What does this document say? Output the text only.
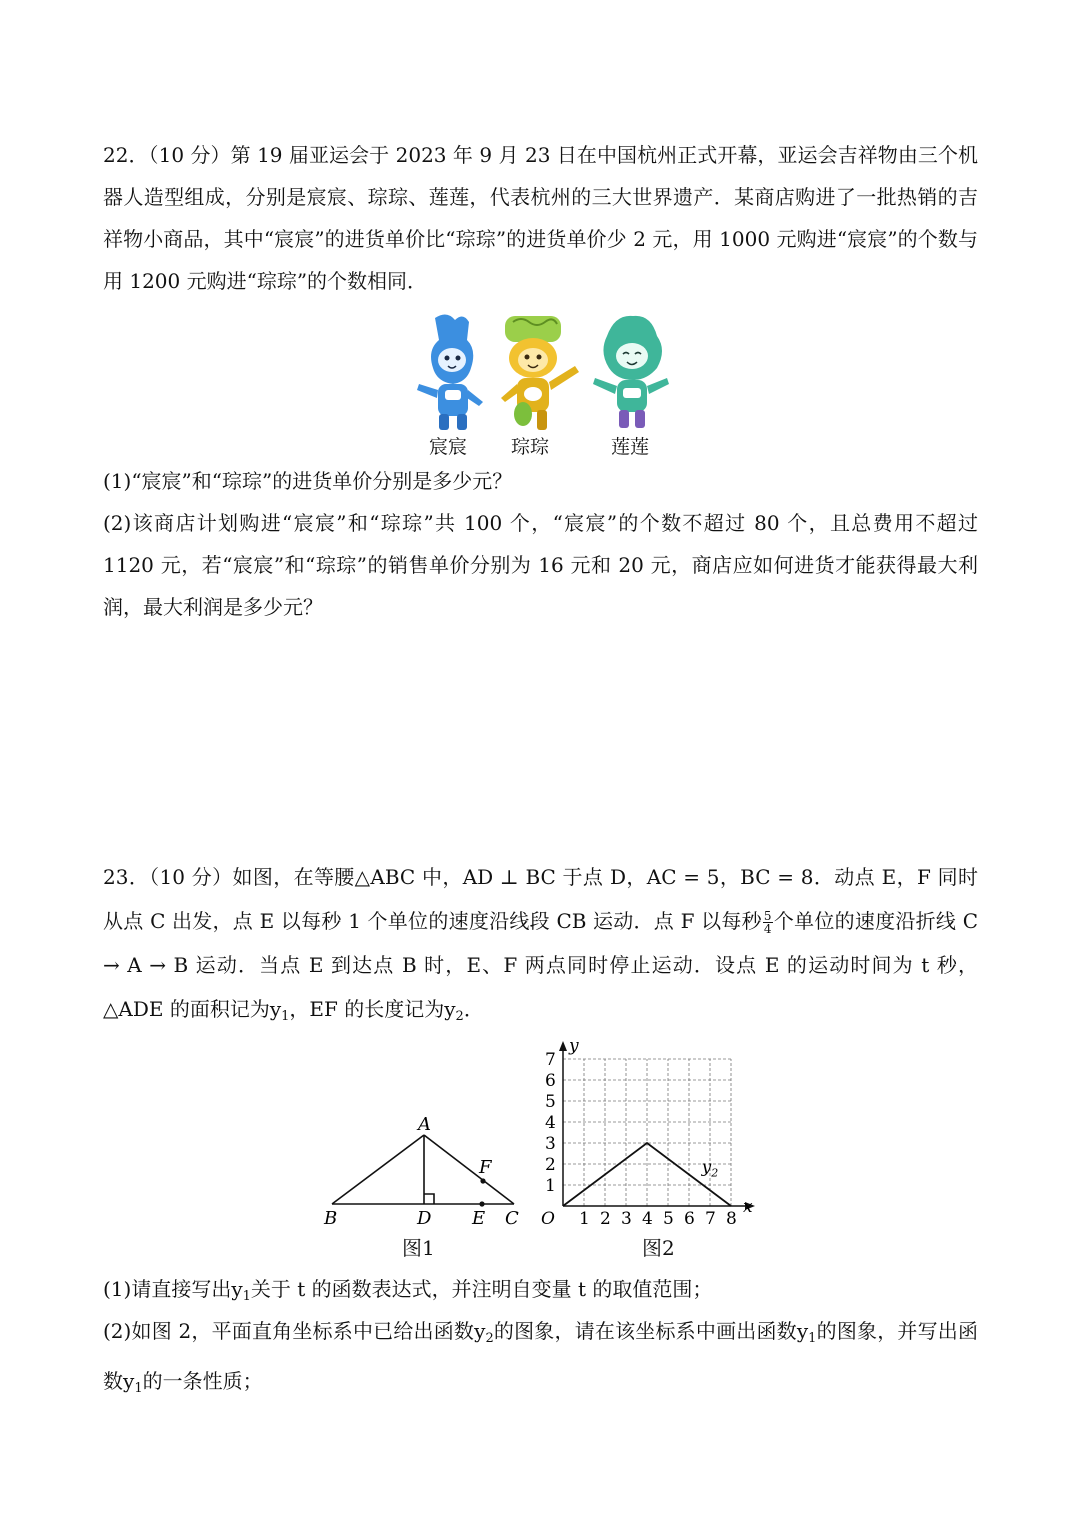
22．（10 分）第 19 届亚运会于 2023 年 9 月 23 日在中国杭州正式开幕，亚运会吉祥物由三个机器人造型组成，分别是宸宸、琮琮、莲莲，代表杭州的三大世界遗产．某商店购进了一批热销的吉祥物小商品，其中“宸宸”的进货单价比“琮琮”的进货单价少 2 元，用 1000 元购进“宸宸”的个数与用 1200 元购进“琮琮”的个数相同．

宸宸 琮琮	莲莲

(1)“宸宸”和“琮琮”的进货单价分别是多少元？

(2)该商店计划购进“宸宸”和“琮琮”共 100 个，“宸宸”的个数不超过 80 个，且总费用不超过 1120 元，若“宸宸”和“琮琮”的销售单价分别为 16 元和 20 元，商店应如何进货才能获得最大利润，最大利润是多少元？

23．（10 分）如图，在等腰△ABC 中，AD ⊥ BC 于点 D，AC = 5，BC = 8．动点 E，F 同时从点 C 出发，点 E 以每秒 1 个单位的速度沿线段 CB 运动．点 F 以每秒 $\frac{5}{4}$ 个单位的速度沿折线 C → A → B 运动．当点 E 到达点 B 时，E、F 两点同时停止运动．设点 E 的运动时间为 t 秒，△ADE 的面积记为$y_1$，EF 的长度记为$y_2$．

A
F
B	D E C
图1
x
y
O 1 2 3 4 5 6 7 8
1
2
3
4
5
6
7
$y_2$
图2

(1)请直接写出$y_1$关于 t 的函数表达式，并注明自变量 t 的取值范围；

(2)如图 2，平面直角坐标系中已给出函数$y_2$的图象，请在该坐标系中画出函数$y_1$的图象，并写出函数$y_1$的一条性质；
